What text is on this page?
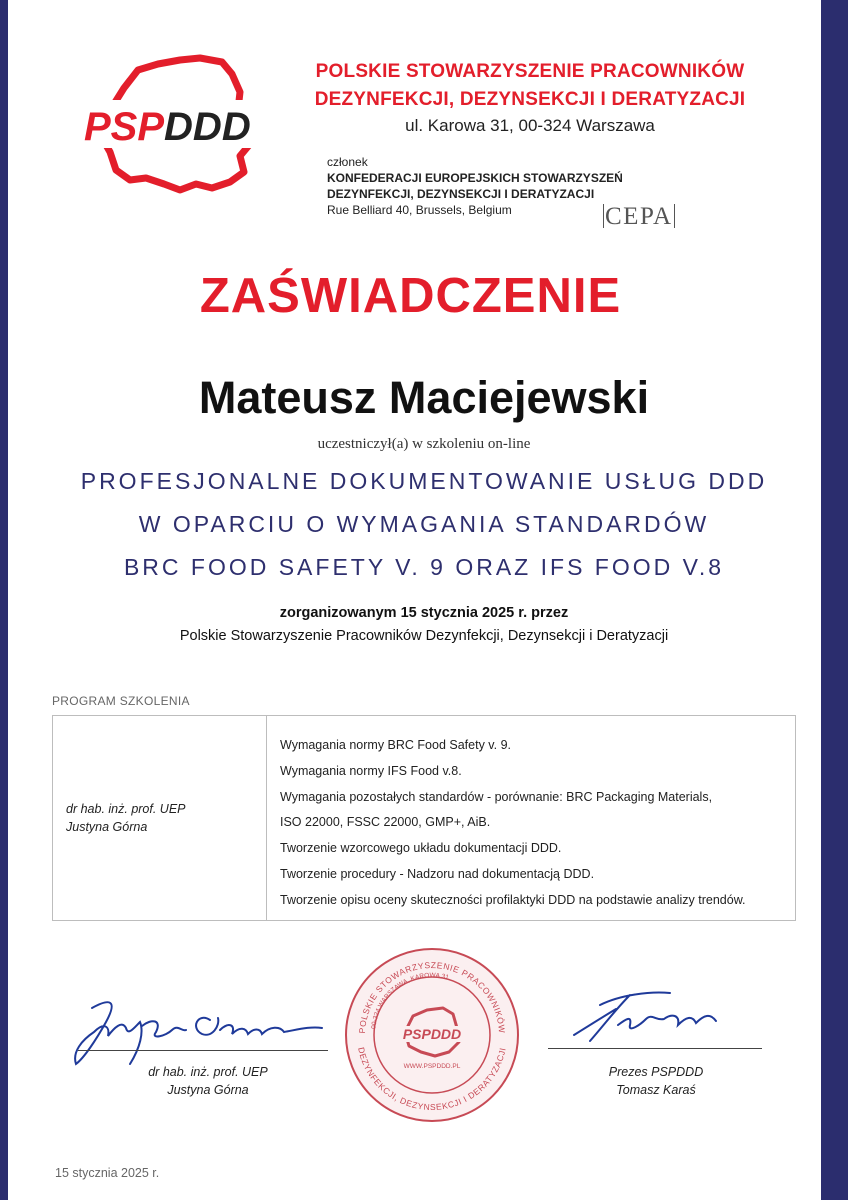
PSPDDD
POLSKIE STOWARZYSZENIE PRACOWNIKÓW
DEZYNFEKCJI, DEZYNSEKCJI I DERATYZACJI
ul. Karowa 31, 00-324 Warszawa
członek
KONFEDERACJI EUROPEJSKICH STOWARZYSZEŃ
DEZYNFEKCJI, DEZYNSEKCJI I DERATYZACJI
Rue Belliard 40, Brussels, Belgium	CEPA
ZAŚWIADCZENIE
Mateusz Maciejewski
uczestniczył(a) w szkoleniu on-line
PROFESJONALNE DOKUMENTOWANIE USŁUG DDD
W OPARCIU O WYMAGANIA STANDARDÓW
BRC FOOD SAFETY V. 9 ORAZ IFS FOOD V.8
zorganizowanym 15 stycznia 2025 r. przez
Polskie Stowarzyszenie Pracowników Dezynfekcji, Dezynsekcji i Deratyzacji
PROGRAM SZKOLENIA
dr hab. inż. prof. UEP
Justyna Górna
Wymagania normy BRC Food Safety v. 9.
Wymagania normy IFS Food v.8.
Wymagania pozostałych standardów - porównanie: BRC Packaging Materials,
ISO 22000, FSSC 22000, GMP+, AiB.
Tworzenie wzorcowego układu dokumentacji DDD.
Tworzenie procedury - Nadzoru nad dokumentacją DDD.
Tworzenie opisu oceny skuteczności profilaktyki DDD na podstawie analizy trendów.
dr hab. inż. prof. UEP
Justyna Górna
POLSKIE STOWARZYSZENIE PRACOWNIKÓW
DEZYNFEKCJI, DEZYNSEKCJI I DERATYZACJI
00-324 WARSZAWA, KAROWA 31
PSPDDD
WWW.PSPDDD.PL	Prezes PSPDDD
Tomasz Karaś
15 stycznia 2025 r.
